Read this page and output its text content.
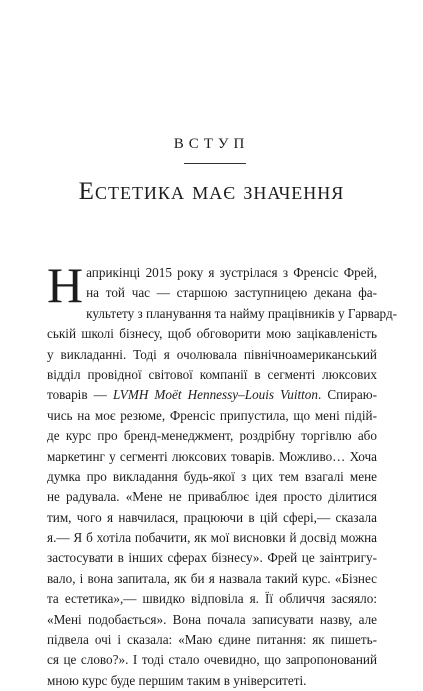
ВСТУП
Естетика має значення
Н априкінці 2015 року я зустрілася з Френсіс Фрей,
на той час — старшою заступницею декана фа-
культету з планування та найму працівників у Гарвард-
ській школі бізнесу, щоб обговорити мою зацікавленість
у викладанні. Тоді я очолювала північноамериканський
відділ провідної світової компанії в сегменті люксових
товарів — LVMH Moët Hennessy–Louis Vuitton. Спираю-
чись на моє резюме, Френсіс припустила, що мені підій-
де курс про бренд-менеджмент, роздрібну торгівлю або
маркетинг у сегменті люксових товарів. Можливо… Хоча
думка про викладання будь-якої з цих тем взагалі мене
не радувала. «Мене не приваблює ідея просто ділитися
тим, чого я навчилася, працюючи в цій сфері,— сказала
я.— Я б хотіла побачити, як мої висновки й досвід можна
застосувати в інших сферах бізнесу». Фрей це заінтригу-
вало, і вона запитала, як би я назвала такий курс. «Бізнес
та естетика»,— швидко відповіла я. Її обличчя засяяло:
«Мені подобається». Вона почала записувати назву, але
підвела очі і сказала: «Маю єдине питання: як пишеть-
ся це слово?». І тоді стало очевидно, що запропонований
мною курс буде першим таким в університеті.
